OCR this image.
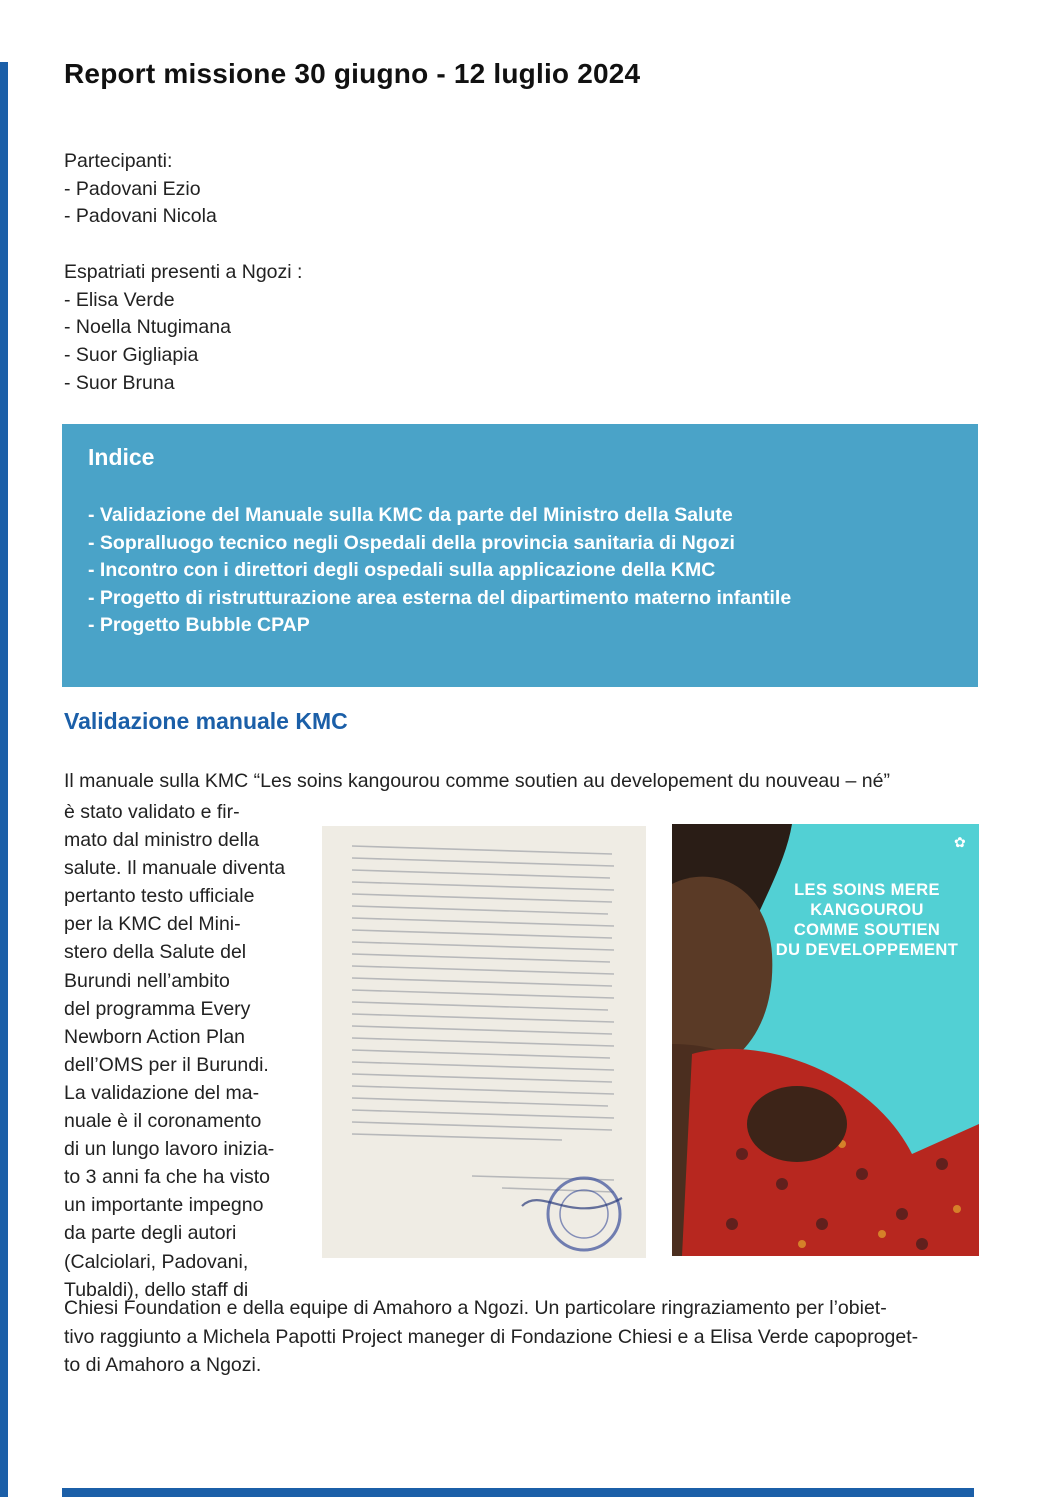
Report missione 30 giugno - 12 luglio 2024
Partecipanti:
- Padovani Ezio
- Padovani Nicola
Espatriati presenti a Ngozi :
- Elisa Verde
- Noella Ntugimana
- Suor Gigliapia
- Suor Bruna
Indice
- Validazione del Manuale sulla KMC da parte del Ministro della Salute
- Sopralluogo tecnico negli Ospedali della provincia sanitaria di Ngozi
- Incontro con i direttori degli ospedali sulla applicazione della KMC
- Progetto di ristrutturazione area esterna del dipartimento materno infantile
- Progetto Bubble CPAP
Validazione manuale KMC
Il manuale sulla KMC “Les soins kangourou comme soutien au developement du nouveau – né”
è stato validato e fir-
mato dal ministro della
salute. Il manuale diventa
pertanto testo ufficiale
per la KMC del Mini-
stero della Salute del
Burundi nell’ambito
del programma Every
Newborn Action Plan
dell’OMS per il Burundi.
La validazione del ma-
nuale è il coronamento
di un lungo lavoro inizia-
to 3 anni fa che ha visto
un importante impegno
da parte degli autori
(Calciolari, Padovani,
Tubaldi), dello staff di
✿
LES SOINS MERE
KANGOUROU
COMME SOUTIEN
DU DEVELOPPEMENT
Chiesi Foundation e della equipe di Amahoro a Ngozi. Un particolare ringraziamento per l’obiet-
tivo raggiunto a Michela Papotti Project maneger di Fondazione Chiesi e a Elisa Verde capoproget-
to di Amahoro a Ngozi.
